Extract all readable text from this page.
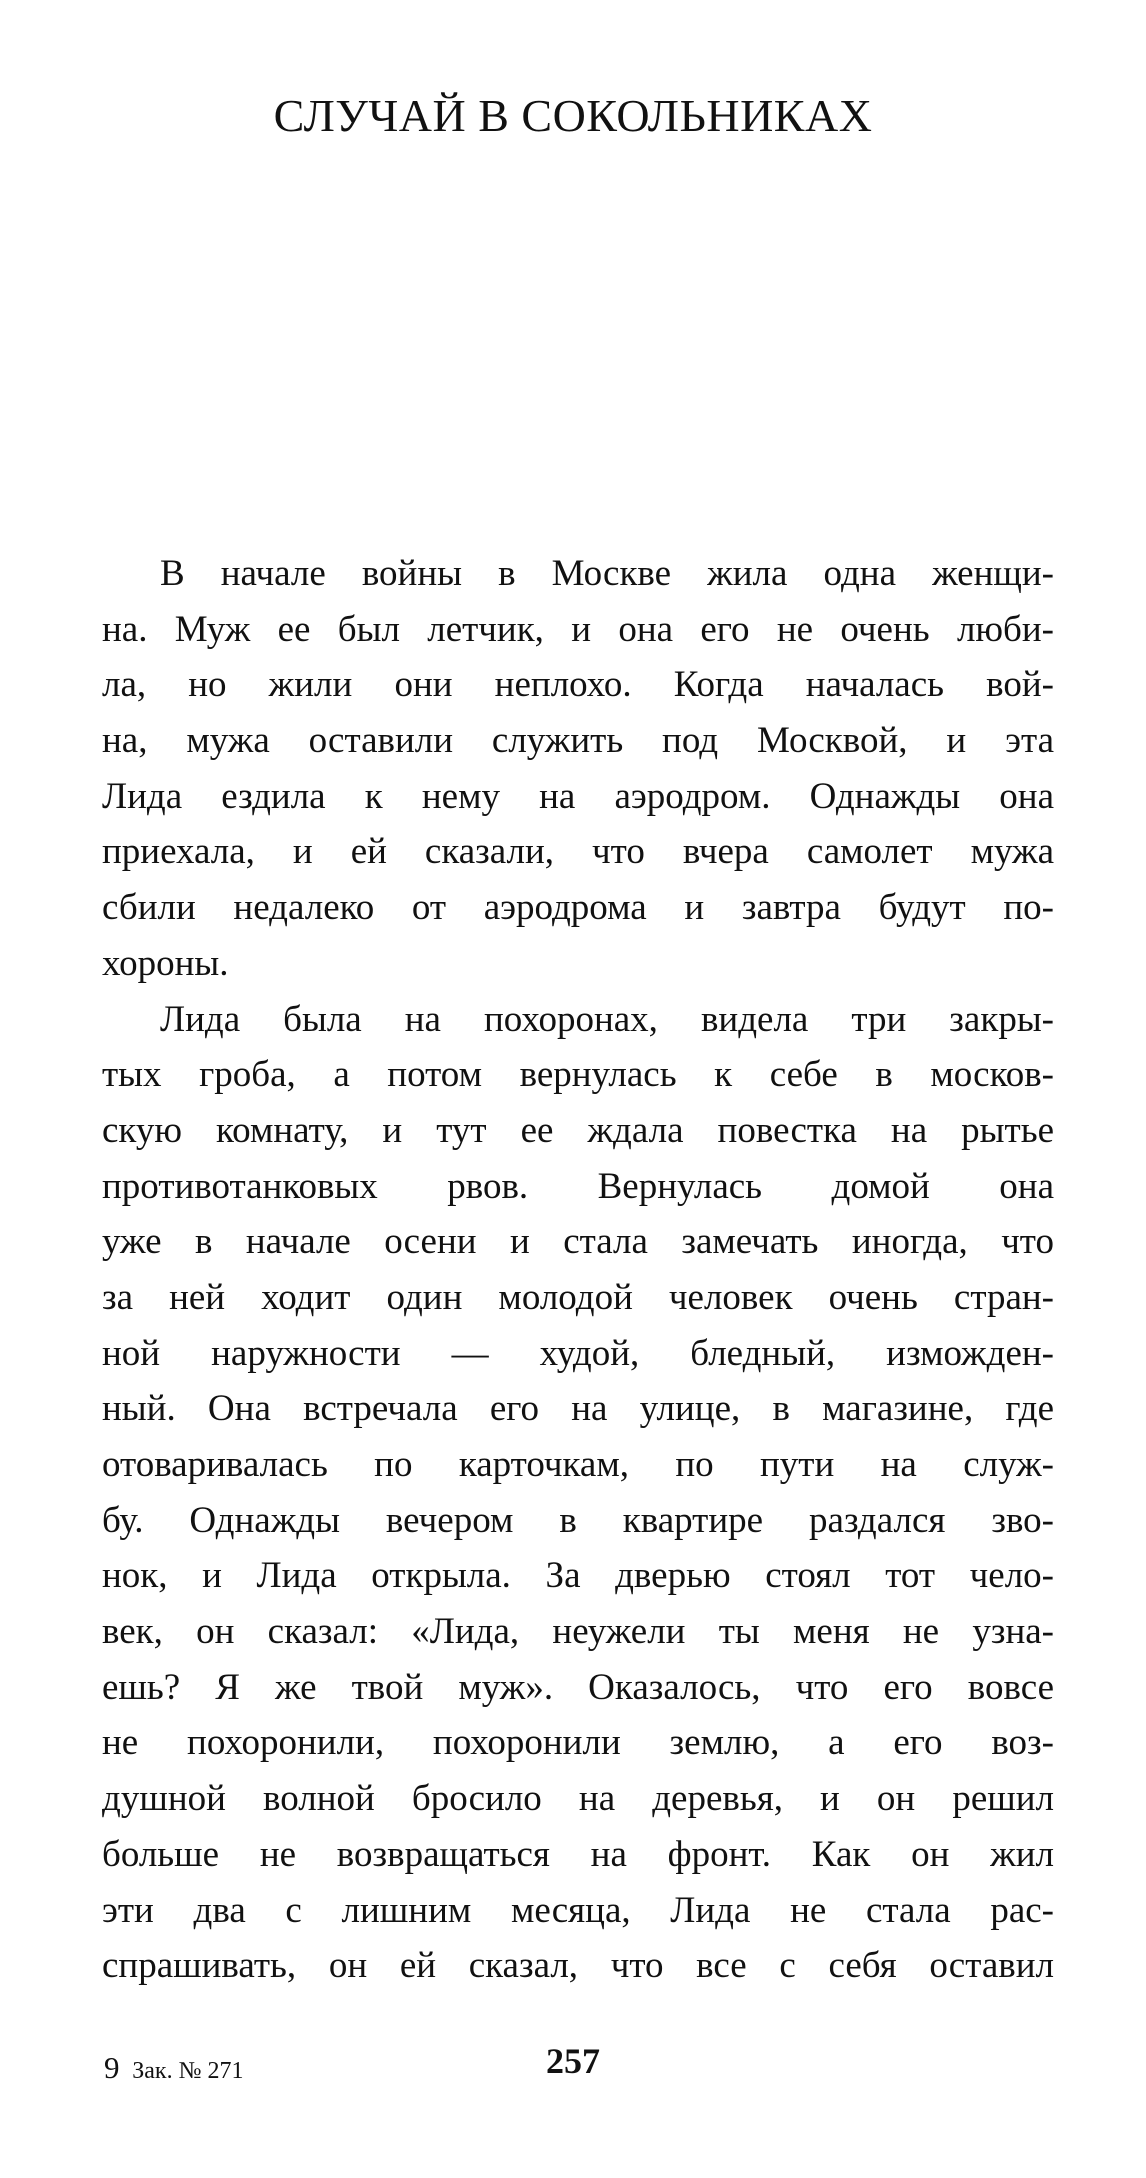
СЛУЧАЙ В СОКОЛЬНИКАХ
В начале войны в Москве жила одна женщи-
на. Муж ее был летчик, и она его не очень люби-
ла, но жили они неплохо. Когда началась вой-
на, мужа оставили служить под Москвой, и эта
Лида ездила к нему на аэродром. Однажды она
приехала, и ей сказали, что вчера самолет мужа
сбили недалеко от аэродрома и завтра будут по-
хороны.
Лида была на похоронах, видела три закры-
тых гроба, а потом вернулась к себе в москов-
скую комнату, и тут ее ждала повестка на рытье
противотанковых рвов. Вернулась домой она
уже в начале осени и стала замечать иногда, что
за ней ходит один молодой человек очень стран-
ной наружности — худой, бледный, изможден-
ный. Она встречала его на улице, в магазине, где
отоваривалась по карточкам, по пути на служ-
бу. Однажды вечером в квартире раздался зво-
нок, и Лида открыла. За дверью стоял тот чело-
век, он сказал: «Лида, неужели ты меня не узна-
ешь? Я же твой муж». Оказалось, что его вовсе
не похоронили, похоронили землю, а его воз-
душной волной бросило на деревья, и он решил
больше не возвращаться на фронт. Как он жил
эти два с лишним месяца, Лида не стала рас-
спрашивать, он ей сказал, что все с себя оставил
9 Зак. № 271	257
